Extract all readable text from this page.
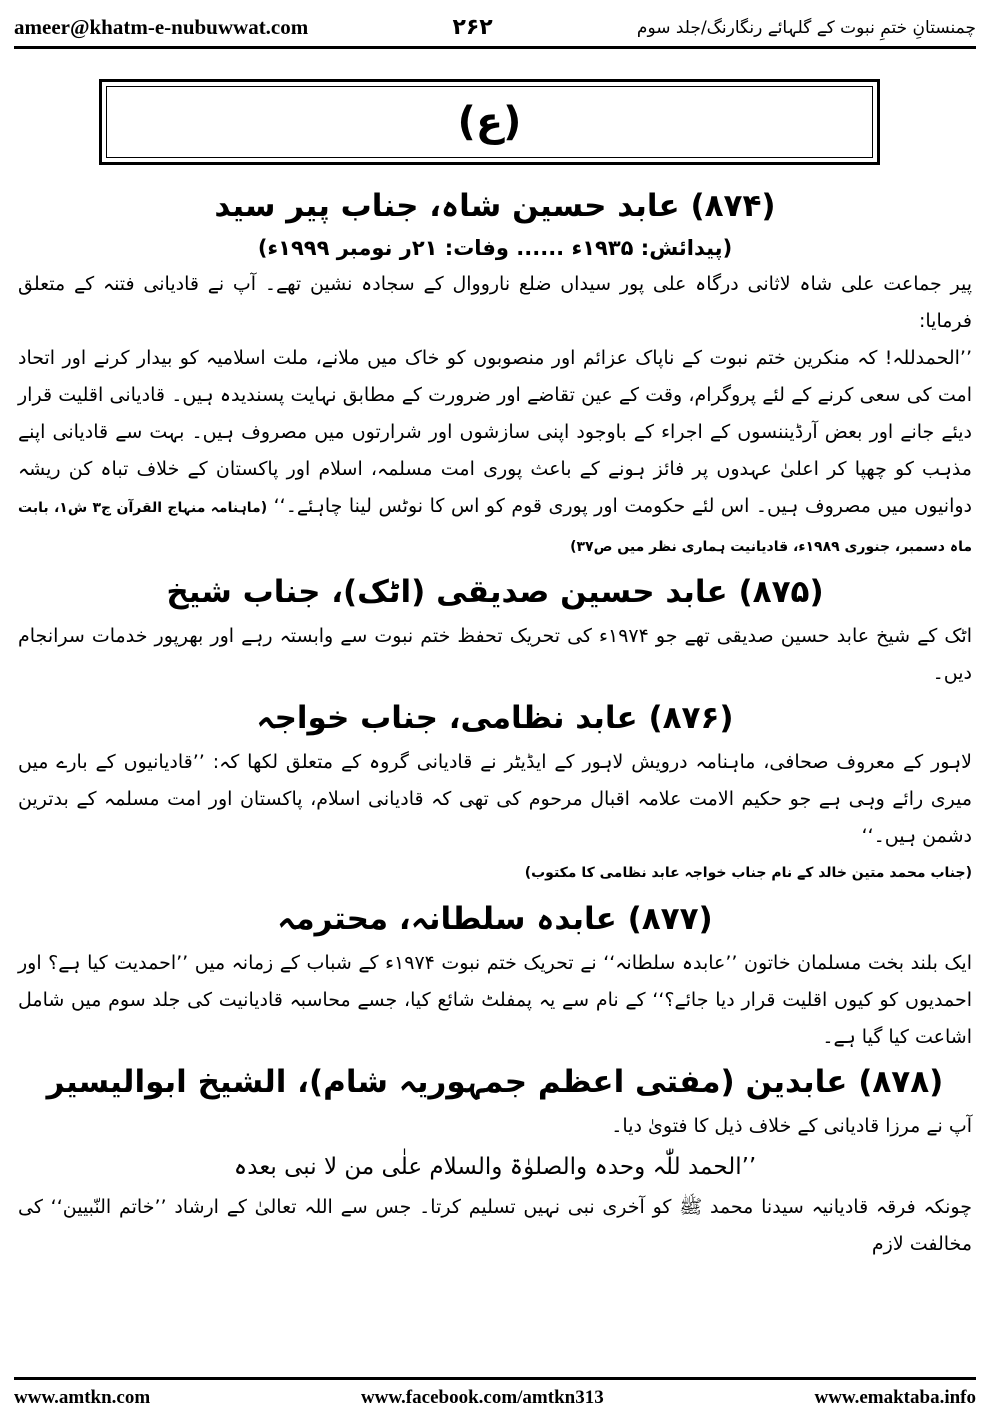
ameer@khatm-e-nubuwwat.com	۲۶۲	چمنستانِ ختمِ نبوت کے گلہائے رنگارنگ/جلد سوم
(ع)
(۸۷۴) عابد حسین شاہ، جناب پیر سید
(پیدائش: ۱۹۳۵ء ...... وفات: ۲۱ر نومبر ۱۹۹۹ء)

پیر جماعت علی شاہ لاثانی درگاہ علی پور سیداں ضلع نارووال کے سجادہ نشین تھے۔ آپ نے قادیانی فتنہ کے متعلق فرمایا:

’’الحمدللہ! کہ منکرین ختم نبوت کے ناپاک عزائم اور منصوبوں کو خاک میں ملانے، ملت اسلامیہ کو بیدار کرنے اور اتحاد امت کی سعی کرنے کے لئے پروگرام، وقت کے عین تقاضے اور ضرورت کے مطابق نہایت پسندیدہ ہیں۔ قادیانی اقلیت قرار دیئے جانے اور بعض آرڈیننسوں کے اجراء کے باوجود اپنی سازشوں اور شرارتوں میں مصروف ہیں۔ بہت سے قادیانی اپنے مذہب کو چھپا کر اعلیٰ عہدوں پر فائز ہونے کے باعث پوری امت مسلمہ، اسلام اور پاکستان کے خلاف تباہ کن ریشہ دوانیوں میں مصروف ہیں۔ اس لئے حکومت اور پوری قوم کو اس کا نوٹس لینا چاہئے۔‘‘ (ماہنامہ منہاج القرآن ج۳ ش۱، بابت ماہ دسمبر، جنوری ۱۹۸۹ء، قادیانیت ہماری نظر میں ص۳۷)

(۸۷۵) عابد حسین صدیقی (اٹک)، جناب شیخ

اٹک کے شیخ عابد حسین صدیقی تھے جو ۱۹۷۴ء کی تحریک تحفظ ختم نبوت سے وابستہ رہے اور بھرپور خدمات سرانجام دیں۔

(۸۷۶) عابد نظامی، جناب خواجہ

لاہور کے معروف صحافی، ماہنامہ درویش لاہور کے ایڈیٹر نے قادیانی گروہ کے متعلق لکھا کہ: ’’قادیانیوں کے بارے میں میری رائے وہی ہے جو حکیم الامت علامہ اقبال مرحوم کی تھی کہ قادیانی اسلام، پاکستان اور امت مسلمہ کے بدترین دشمن ہیں۔‘‘

(جناب محمد متین خالد کے نام جناب خواجہ عابد نظامی کا مکتوب)
(۸۷۷) عابدہ سلطانہ، محترمہ

ایک بلند بخت مسلمان خاتون ’’عابدہ سلطانہ‘‘ نے تحریک ختم نبوت ۱۹۷۴ء کے شباب کے زمانہ میں ’’احمدیت کیا ہے؟ اور احمدیوں کو کیوں اقلیت قرار دیا جائے؟‘‘ کے نام سے یہ پمفلٹ شائع کیا، جسے محاسبہ قادیانیت کی جلد سوم میں شامل اشاعت کیا گیا ہے۔

(۸۷۸) عابدین (مفتی اعظم جمہوریہ شام)، الشیخ ابوالیسیر

آپ نے مرزا قادیانی کے خلاف ذیل کا فتویٰ دیا۔

’’الحمد للّٰہ وحدہ والصلوٰۃ والسلام علٰی من لا نبی بعدہ

چونکہ فرقہ قادیانیہ سیدنا محمد ﷺ کو آخری نبی نہیں تسلیم کرتا۔ جس سے اللہ تعالیٰ کے ارشاد ’’خاتم النّبیین‘‘ کی مخالفت لازم

www.amtkn.com	www.facebook.com/amtkn313	www.emaktaba.info
